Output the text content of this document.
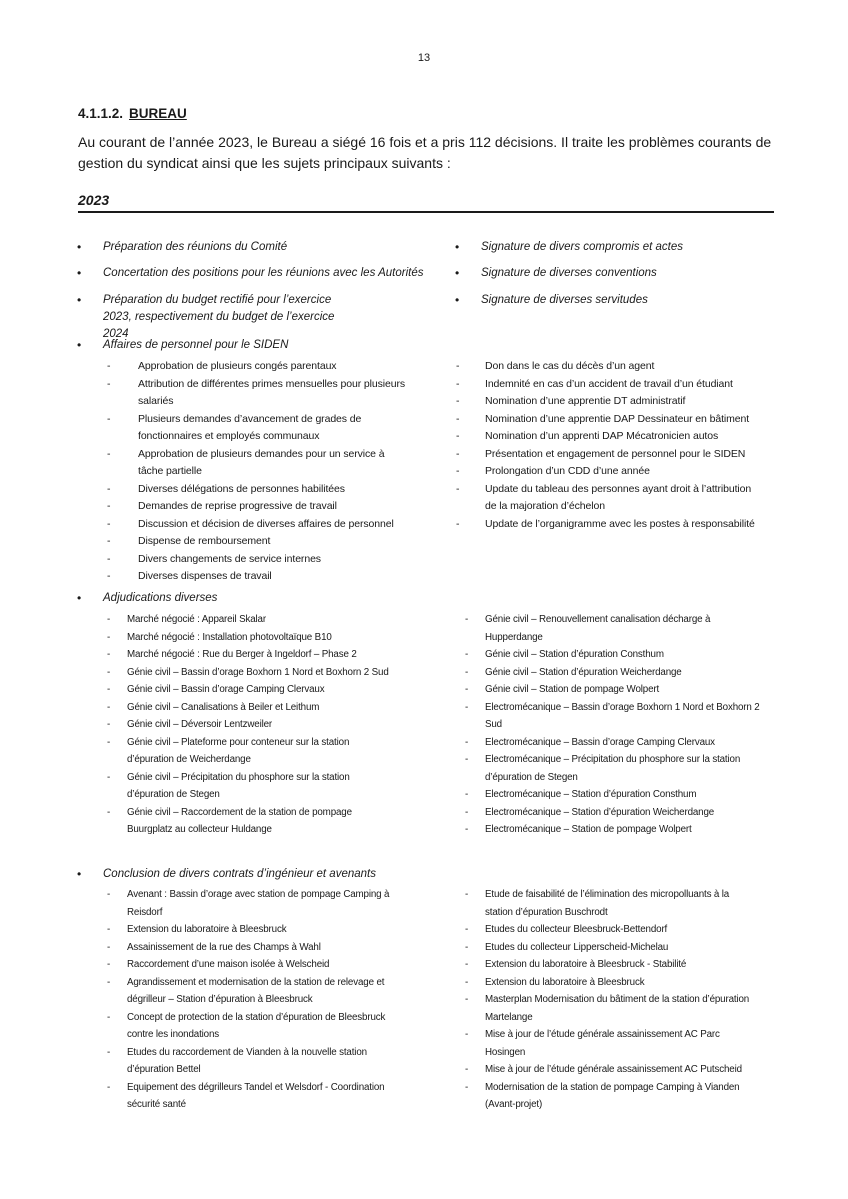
13
4.1.1.2. BUREAU
Au courant de l’année 2023, le Bureau a siégé 16 fois et a pris 112 décisions. Il traite les problèmes courants de gestion du syndicat ainsi que les sujets principaux suivants :
2023
• Préparation des réunions du Comité
• Concertation des positions pour les réunions avec les Autorités
• Préparation du budget rectifié pour l’exercice 2023, respectivement du budget de l’exercice 2024
• Signature de divers compromis et actes
• Signature de diverses conventions
• Signature de diverses servitudes
• Affaires de personnel pour le SIDEN
-	Approbation de plusieurs congés parentaux
-	Attribution de différentes primes mensuelles pour plusieurs salariés
-	Plusieurs demandes d’avancement de grades de fonctionnaires et employés communaux
-	Approbation de plusieurs demandes pour un service à tâche partielle
-	Diverses délégations de personnes habilitées
-	Demandes de reprise progressive de travail
-	Discussion et décision de diverses affaires de personnel
-	Dispense de remboursement
-	Divers changements de service internes
-	Diverses dispenses de travail
- Don dans le cas du décès d’un agent
- Indemnité en cas d’un accident de travail d’un étudiant
- Nomination d’une apprentie DT administratif
- Nomination d’une apprentie DAP Dessinateur en bâtiment
- Nomination d’un apprenti DAP Mécatronicien autos
- Présentation et engagement de personnel pour le SIDEN
- Prolongation d’un CDD d’une année
- Update du tableau des personnes ayant droit à l’attribution de la majoration d’échelon
- Update de l’organigramme avec les postes à responsabilité
• Adjudications diverses
- Marché négocié : Appareil Skalar
- Marché négocié : Installation photovoltaïque B10
- Marché négocié : Rue du Berger à Ingeldorf – Phase 2
- Génie civil – Bassin d’orage Boxhorn 1 Nord et Boxhorn 2 Sud
- Génie civil – Bassin d’orage Camping Clervaux
- Génie civil – Canalisations à Beiler et Leithum
- Génie civil – Déversoir Lentzweiler
- Génie civil – Plateforme pour conteneur sur la station d’épuration de Weicherdange
- Génie civil – Précipitation du phosphore sur la station d’épuration de Stegen
- Génie civil – Raccordement de la station de pompage Buurgplatz au collecteur Huldange
- Génie civil – Renouvellement canalisation décharge à Hupperdange
- Génie civil – Station d’épuration Consthum
- Génie civil – Station d’épuration Weicherdange
- Génie civil – Station de pompage Wolpert
- Electromécanique – Bassin d’orage Boxhorn 1 Nord et Boxhorn 2 Sud
- Electromécanique – Bassin d’orage Camping Clervaux
- Electromécanique – Précipitation du phosphore sur la station d’épuration de Stegen
- Electromécanique – Station d’épuration Consthum
- Electromécanique – Station d’épuration Weicherdange
- Electromécanique – Station de pompage Wolpert
• Conclusion de divers contrats d’ingénieur et avenants
- Avenant : Bassin d’orage avec station de pompage Camping à Reisdorf
- Extension du laboratoire à Bleesbruck
- Assainissement de la rue des Champs à Wahl
- Raccordement d’une maison isolée à Welscheid
- Agrandissement et modernisation de la station de relevage et dégrilleur – Station d’épuration à Bleesbruck
- Concept de protection de la station d’épuration de Bleesbruck contre les inondations
- Etudes du raccordement de Vianden à la nouvelle station d’épuration Bettel
- Equipement des dégrilleurs Tandel et Welsdorf - Coordination sécurité santé
- Etude de faisabilité de l’élimination des micropolluants à la station d’épuration Buschrodt
- Etudes du collecteur Bleesbruck-Bettendorf
- Etudes du collecteur Lipperscheid-Michelau
- Extension du laboratoire à Bleesbruck - Stabilité
- Extension du laboratoire à Bleesbruck
- Masterplan Modernisation du bâtiment de la station d’épuration Martelange
- Mise à jour de l’étude générale assainissement AC Parc Hosingen
- Mise à jour de l’étude générale assainissement AC Putscheid
- Modernisation de la station de pompage Camping à Vianden (Avant-projet)
